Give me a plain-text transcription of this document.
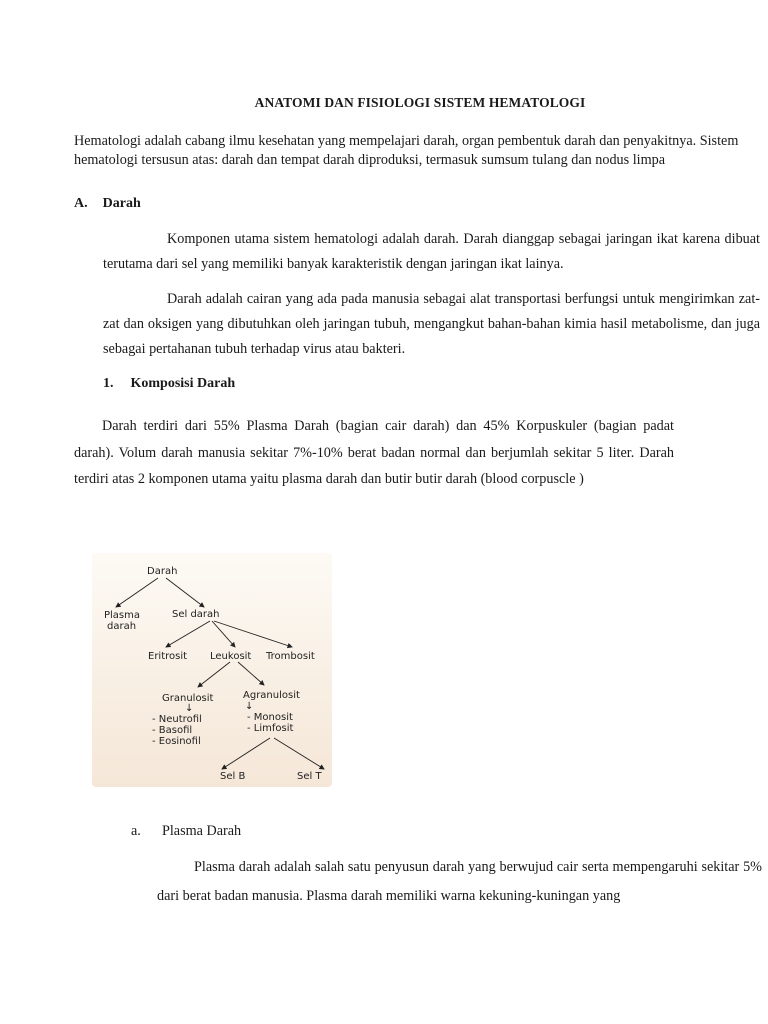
ANATOMI DAN FISIOLOGI SISTEM HEMATOLOGI

Hematologi adalah cabang ilmu kesehatan yang mempelajari darah, organ pembentuk darah dan penyakitnya. Sistem hematologi tersusun atas: darah dan tempat darah diproduksi, termasuk sumsum tulang dan nodus limpa

A. Darah

Komponen utama sistem hematologi adalah darah. Darah dianggap sebagai jaringan ikat karena dibuat terutama dari sel yang memiliki banyak karakteristik dengan jaringan ikat lainya.

Darah adalah cairan yang ada pada manusia sebagai alat transportasi berfungsi untuk mengirimkan zat-zat dan oksigen yang dibutuhkan oleh jaringan tubuh, mengangkut bahan-bahan kimia hasil metabolisme, dan juga sebagai pertahanan tubuh terhadap virus atau bakteri.

1. Komposisi Darah

Darah terdiri dari 55% Plasma Darah (bagian cair darah) dan 45% Korpuskuler (bagian padat darah). Volum darah manusia sekitar 7%-10% berat badan normal dan berjumlah sekitar 5 liter. Darah terdiri atas 2 komponen utama yaitu plasma darah dan butir butir darah (blood corpuscle )

Darah
Plasma
darah
Sel darah
Eritrosit Leukosit Trombosit
Granulosit
↓
- Neutrofil
- Basofil
- Eosinofil
Agranulosit
↓
- Monosit
- Limfosit
Sel B	Sel T
a. Plasma Darah

Plasma darah adalah salah satu penyusun darah yang berwujud cair serta mempengaruhi sekitar 5% dari berat badan manusia. Plasma darah memiliki warna kekuning-kuningan yang
